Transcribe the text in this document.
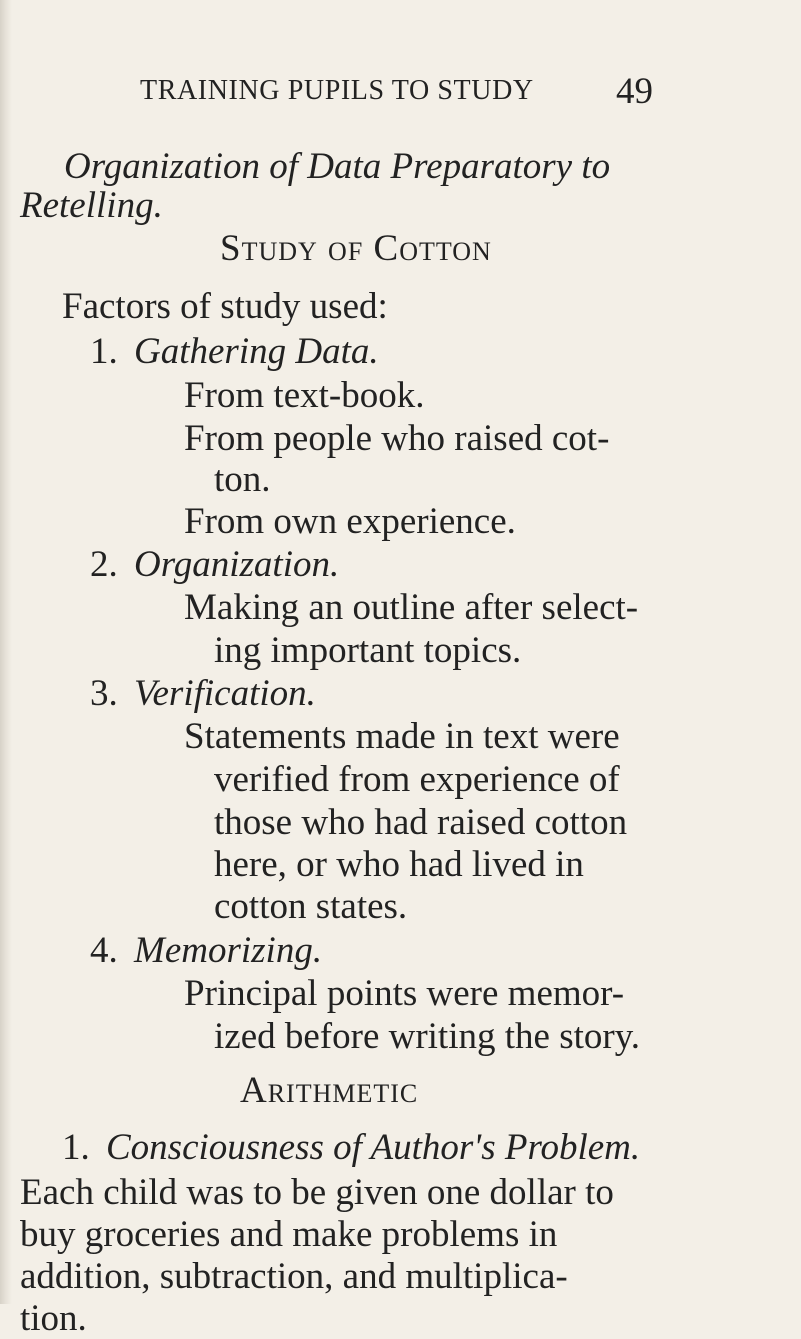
TRAINING PUPILS TO STUDY 49
Organization of Data Preparatory to
Retelling.
Study of Cotton
Factors of study used:
1. Gathering Data.
From text-book.
From people who raised cot-
ton.
From own experience.
2. Organization.
Making an outline after select-
ing important topics.
3. Verification.
Statements made in text were
verified from experience of
those who had raised cotton
here, or who had lived in
cotton states.
4. Memorizing.
Principal points were memor-
ized before writing the story.
Arithmetic
1. Consciousness of Author's Problem.
Each child was to be given one dollar to
buy groceries and make problems in
addition, subtraction, and multiplica-
tion.
